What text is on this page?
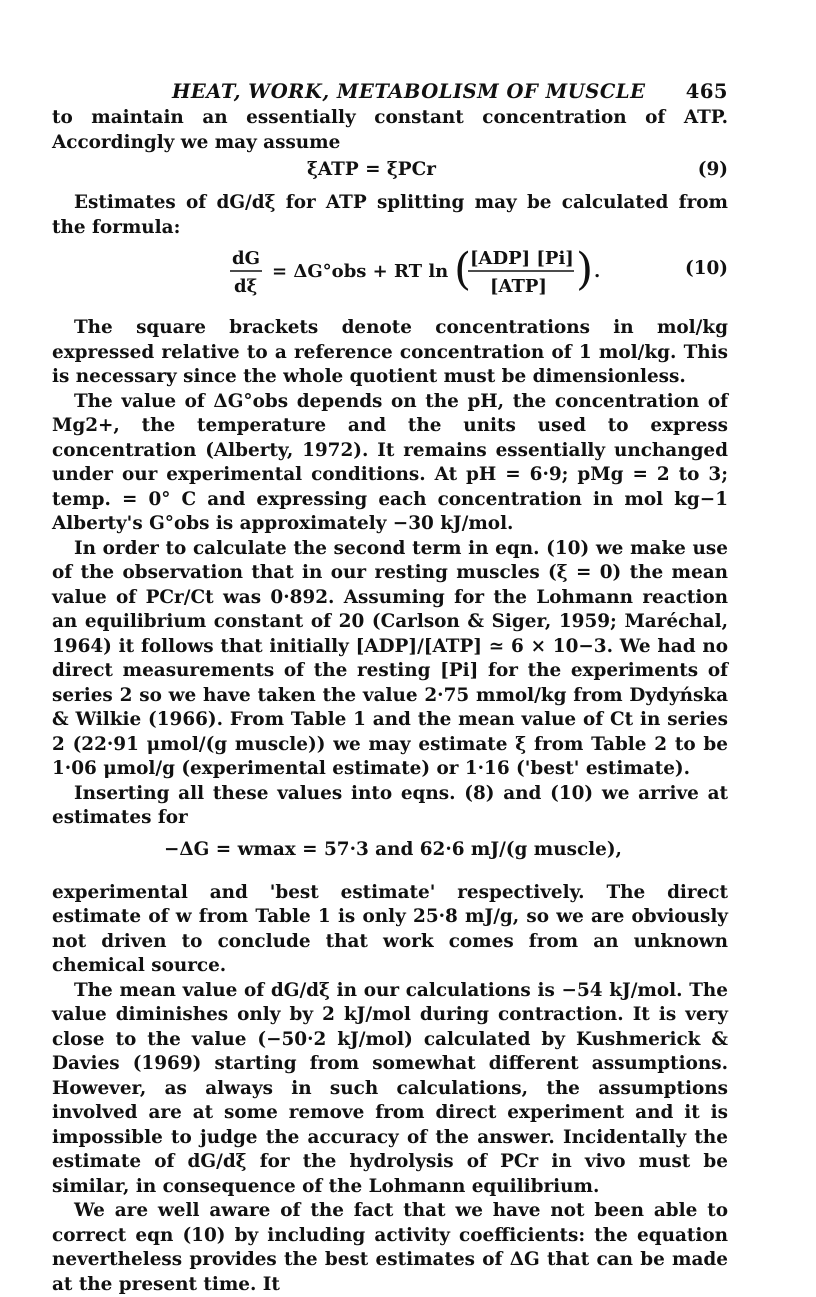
HEAT, WORK, METABOLISM OF MUSCLE 465

to maintain an essentially constant concentration of ATP. Accordingly we may assume

ξATP = ξPCr	(9)

Estimates of dG/dξ for ATP splitting may be calculated from the formula:

dG
dξ
= ΔG°obs + RT ln (
[ADP] [Pi]
[ATP] ) .	(10)

The square brackets denote concentrations in mol/kg expressed relative to a reference concentration of 1 mol/kg. This is necessary since the whole quotient must be dimensionless.

The value of ΔG°obs depends on the pH, the concentration of Mg2+, the temperature and the units used to express concentration (Alberty, 1972). It remains essentially unchanged under our experimental conditions. At pH = 6·9; pMg = 2 to 3; temp. = 0° C and expressing each concentration in mol kg−1 Alberty's G°obs is approximately −30 kJ/mol.

In order to calculate the second term in eqn. (10) we make use of the observation that in our resting muscles (ξ = 0) the mean value of PCr/Ct was 0·892. Assuming for the Lohmann reaction an equilibrium constant of 20 (Carlson & Siger, 1959; Maréchal, 1964) it follows that initially [ADP]/[ATP] ≃ 6 × 10−3. We had no direct measurements of the resting [Pi] for the experiments of series 2 so we have taken the value 2·75 mmol/kg from Dydyńska & Wilkie (1966). From Table 1 and the mean value of Ct in series 2 (22·91 μmol/(g muscle)) we may estimate ξ from Table 2 to be 1·06 μmol/g (experimental estimate) or 1·16 ('best' estimate).

Inserting all these values into eqns. (8) and (10) we arrive at estimates for

−ΔG = wmax = 57·3 and 62·6 mJ/(g muscle),

experimental and 'best estimate' respectively. The direct estimate of w from Table 1 is only 25·8 mJ/g, so we are obviously not driven to conclude that work comes from an unknown chemical source.

The mean value of dG/dξ in our calculations is −54 kJ/mol. The value diminishes only by 2 kJ/mol during contraction. It is very close to the value (−50·2 kJ/mol) calculated by Kushmerick & Davies (1969) starting from somewhat different assumptions. However, as always in such calculations, the assumptions involved are at some remove from direct experiment and it is impossible to judge the accuracy of the answer. Incidentally the estimate of dG/dξ for the hydrolysis of PCr in vivo must be similar, in consequence of the Lohmann equilibrium.

We are well aware of the fact that we have not been able to correct eqn (10) by including activity coefficients: the equation nevertheless provides the best estimates of ΔG that can be made at the present time. It
